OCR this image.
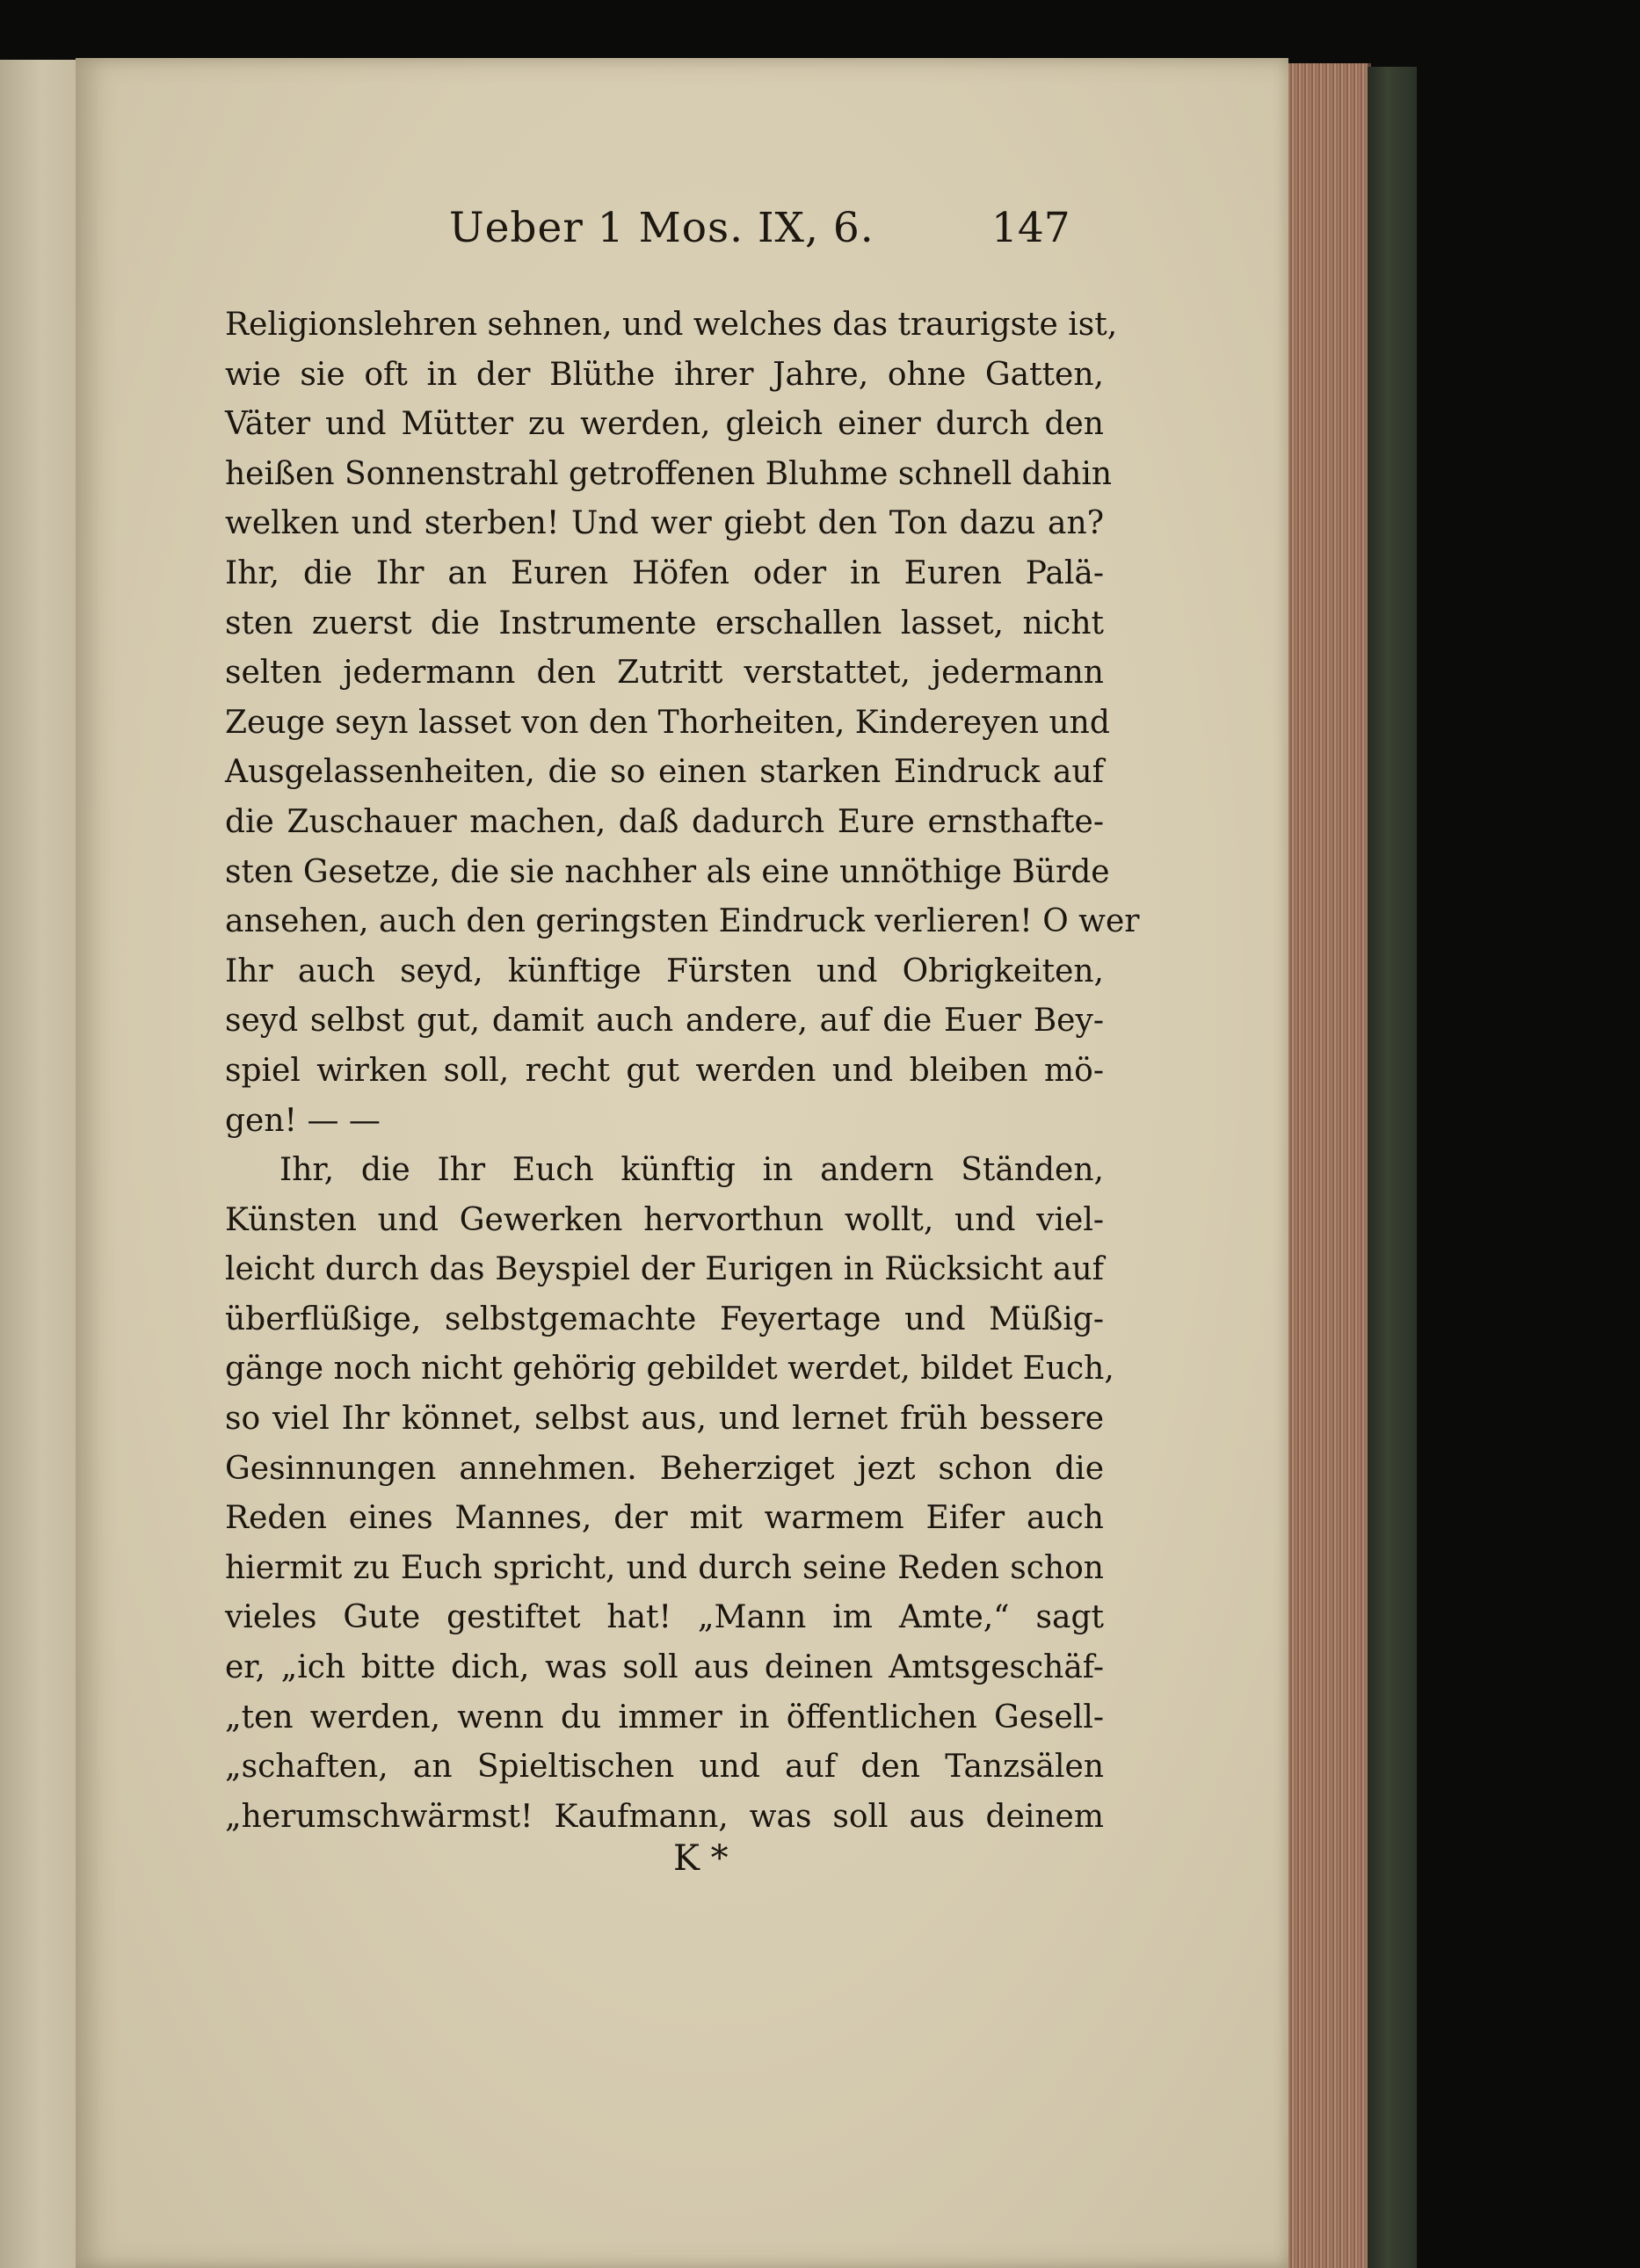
Ueber 1 Mos. IX, 6.	147
Religionslehren sehnen, und welches das traurigste ist,
wie sie oft in der Blüthe ihrer Jahre, ohne Gatten,
Väter und Mütter zu werden, gleich einer durch den
heißen Sonnenstrahl getroffenen Bluhme schnell dahin
welken und sterben! Und wer giebt den Ton dazu an?
Ihr, die Ihr an Euren Höfen oder in Euren Palä-
sten zuerst die Instrumente erschallen lasset, nicht
selten jedermann den Zutritt verstattet, jedermann
Zeuge seyn lasset von den Thorheiten, Kindereyen und
Ausgelassenheiten, die so einen starken Eindruck auf
die Zuschauer machen, daß dadurch Eure ernsthafte-
sten Gesetze, die sie nachher als eine unnöthige Bürde
ansehen, auch den geringsten Eindruck verlieren! O wer
Ihr auch seyd, künftige Fürsten und Obrigkeiten,
seyd selbst gut, damit auch andere, auf die Euer Bey-
spiel wirken soll, recht gut werden und bleiben mö-
gen! — —
Ihr, die Ihr Euch künftig in andern Ständen,
Künsten und Gewerken hervorthun wollt, und viel-
leicht durch das Beyspiel der Eurigen in Rücksicht auf
überflüßige, selbstgemachte Feyertage und Müßig-
gänge noch nicht gehörig gebildet werdet, bildet Euch,
so viel Ihr könnet, selbst aus, und lernet früh bessere
Gesinnungen annehmen. Beherziget jezt schon die
Reden eines Mannes, der mit warmem Eifer auch
hiermit zu Euch spricht, und durch seine Reden schon
vieles Gute gestiftet hat! „Mann im Amte,“ sagt
er, „ich bitte dich, was soll aus deinen Amtsgeschäf-
„ten werden, wenn du immer in öffentlichen Gesell-
„schaften, an Spieltischen und auf den Tanzsälen
„herumschwärmst! Kaufmann, was soll aus deinem
K *
